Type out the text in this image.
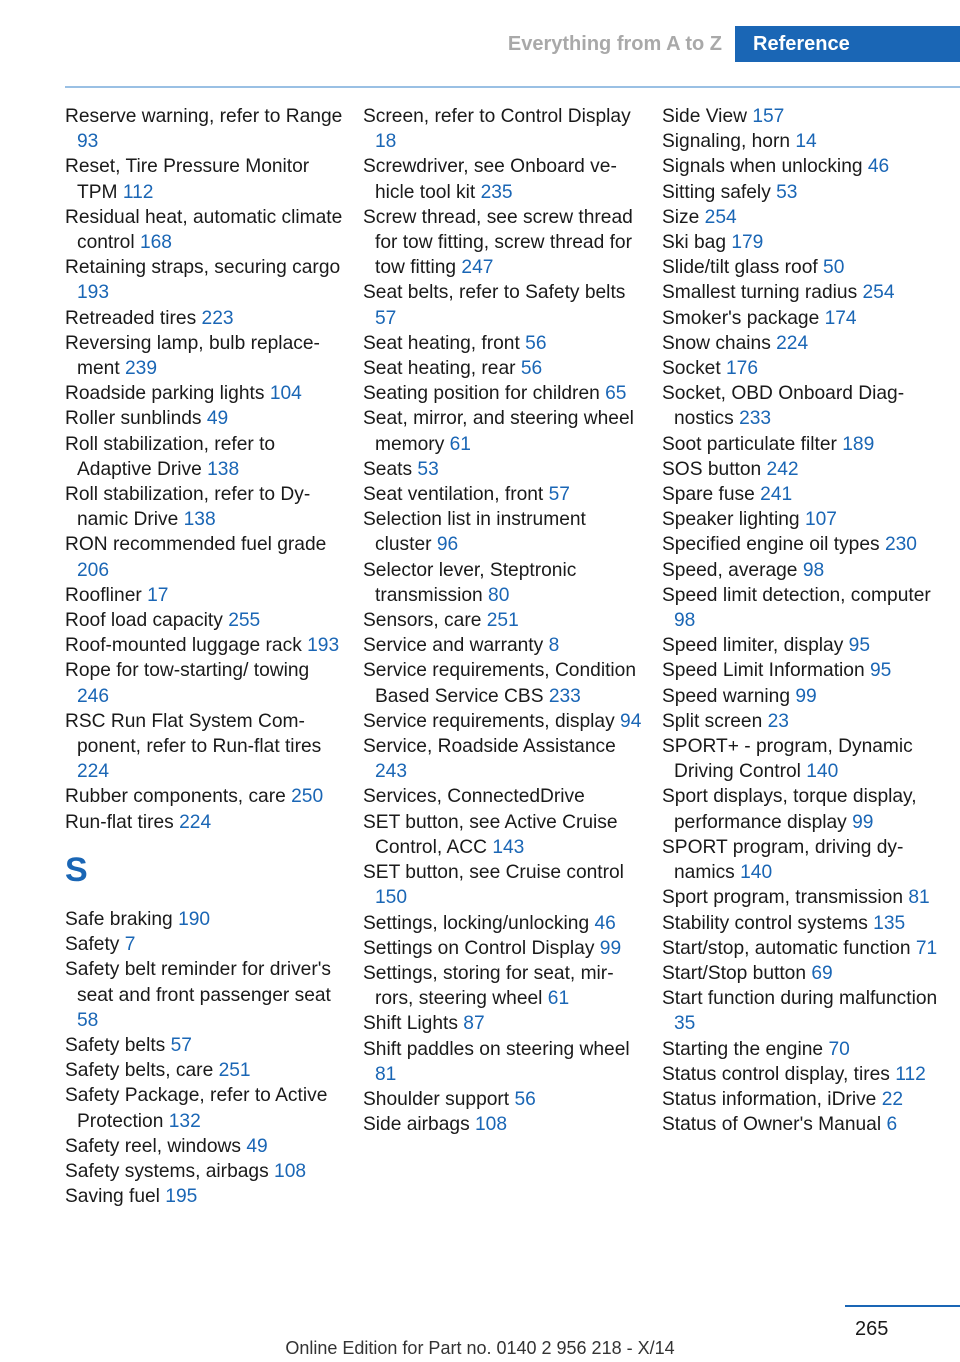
Everything from A to Z	Reference
Reserve warning, refer to Range 93
Reset, Tire Pressure Monitor TPM 112
Residual heat, automatic climate control 168
Retaining straps, securing cargo 193
Retreaded tires 223
Reversing lamp, bulb replacement 239
Roadside parking lights 104
Roller sunblinds 49
Roll stabilization, refer to Adaptive Drive 138
Roll stabilization, refer to Dynamic Drive 138
RON recommended fuel grade 206
Roofliner 17
Roof load capacity 255
Roof-mounted luggage rack 193
Rope for tow-starting/ towing 246
RSC Run Flat System Component, refer to Run-flat tires 224
Rubber components, care 250
Run-flat tires 224
S
Safe braking 190
Safety 7
Safety belt reminder for driver's seat and front passenger seat 58
Safety belts 57
Safety belts, care 251
Safety Package, refer to Active Protection 132
Safety reel, windows 49
Safety systems, airbags 108
Saving fuel 195
Screen, refer to Control Display 18
Screwdriver, see Onboard vehicle tool kit 235
Screw thread, see screw thread for tow fitting, screw thread for tow fitting 247
Seat belts, refer to Safety belts 57
Seat heating, front 56
Seat heating, rear 56
Seating position for children 65
Seat, mirror, and steering wheel memory 61
Seats 53
Seat ventilation, front 57
Selection list in instrument cluster 96
Selector lever, Steptronic transmission 80
Sensors, care 251
Service and warranty 8
Service requirements, Condition Based Service CBS 233
Service requirements, display 94
Service, Roadside Assistance 243
Services, ConnectedDrive
SET button, see Active Cruise Control, ACC 143
SET button, see Cruise control 150
Settings, locking/unlocking 46
Settings on Control Display 99
Settings, storing for seat, mirrors, steering wheel 61
Shift Lights 87
Shift paddles on steering wheel 81
Shoulder support 56
Side airbags 108
Side View 157
Signaling, horn 14
Signals when unlocking 46
Sitting safely 53
Size 254
Ski bag 179
Slide/tilt glass roof 50
Smallest turning radius 254
Smoker's package 174
Snow chains 224
Socket 176
Socket, OBD Onboard Diagnostics 233
Soot particulate filter 189
SOS button 242
Spare fuse 241
Speaker lighting 107
Specified engine oil types 230
Speed, average 98
Speed limit detection, computer 98
Speed limiter, display 95
Speed Limit Information 95
Speed warning 99
Split screen 23
SPORT+ - program, Dynamic Driving Control 140
Sport displays, torque display, performance display 99
SPORT program, driving dynamics 140
Sport program, transmission 81
Stability control systems 135
Start/stop, automatic function 71
Start/Stop button 69
Start function during malfunction 35
Starting the engine 70
Status control display, tires 112
Status information, iDrive 22
Status of Owner's Manual 6
265
Online Edition for Part no. 0140 2 956 218 - X/14
